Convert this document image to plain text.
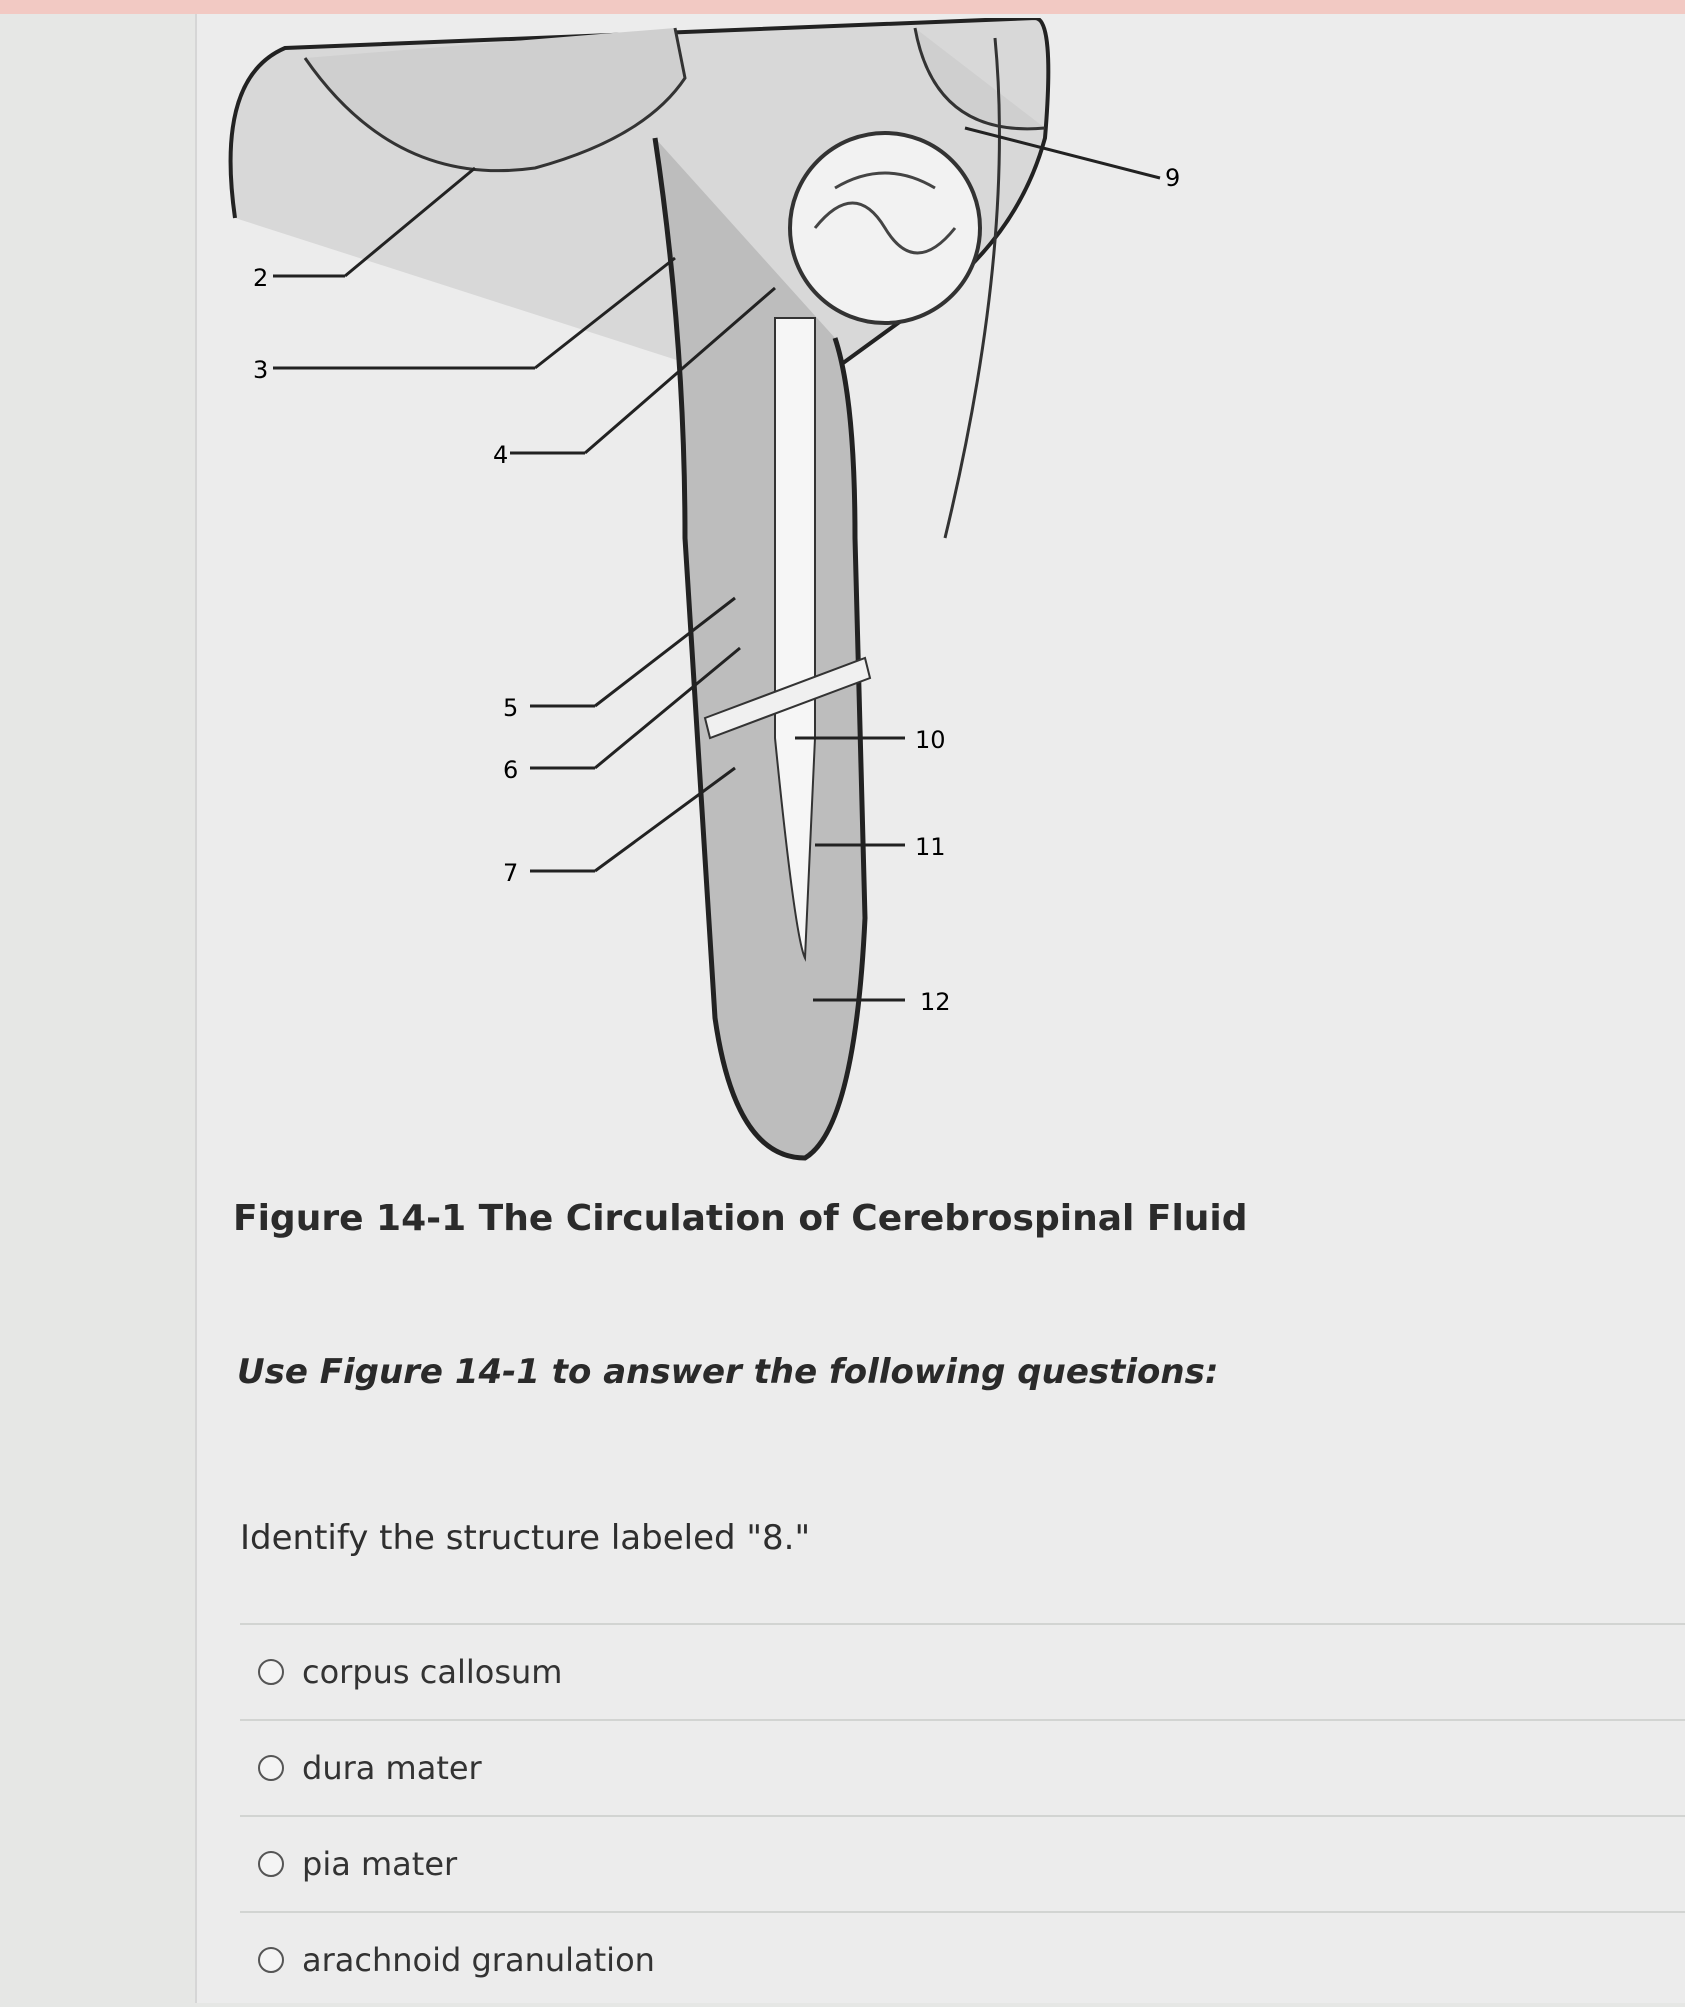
2
3
4
5
6
7
9
10
11
12

Figure 14-1 The Circulation of Cerebrospinal Fluid

Use Figure 14-1 to answer the following questions:

Identify the structure labeled "8."

corpus callosum
dura mater
pia mater
arachnoid granulation
